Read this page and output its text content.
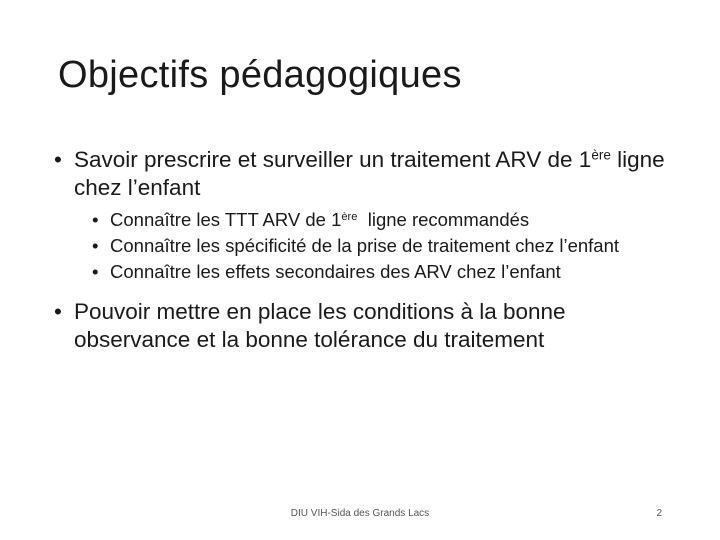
Objectifs pédagogiques

• Savoir prescrire et surveiller un traitement ARV de 1ère ligne chez l’enfant

• Connaître les TTT ARV de 1ère  ligne recommandés

• Connaître les spécificité de la prise de traitement chez l’enfant

• Connaître les effets secondaires des ARV chez l’enfant

• Pouvoir mettre en place les conditions à la bonne observance et la bonne tolérance du traitement

DIU VIH-Sida des Grands Lacs	2
